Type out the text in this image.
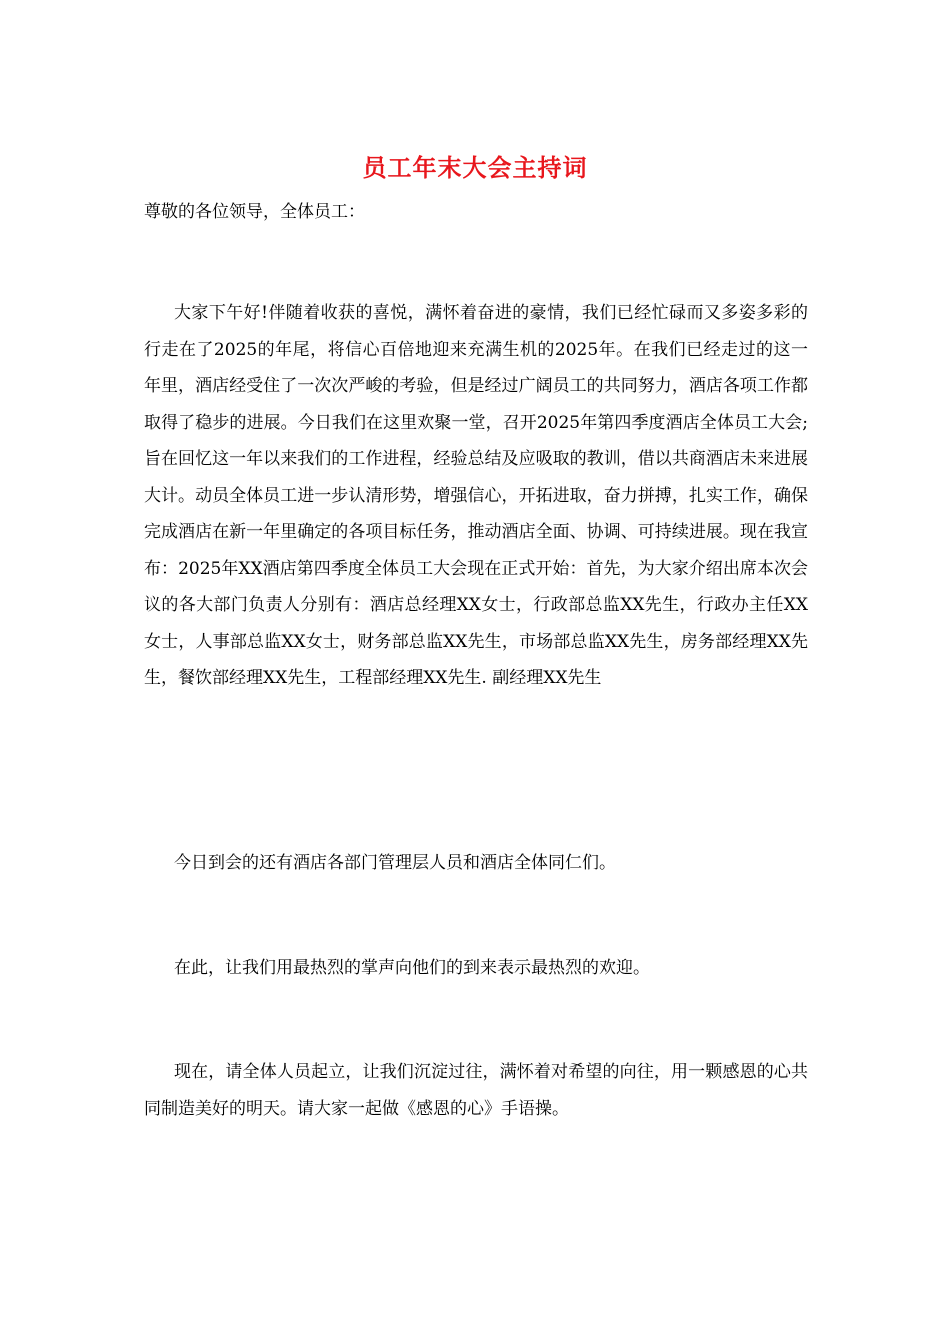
员工年末大会主持词
尊敬的各位领导，全体员工：
大家下午好!伴随着收获的喜悦，满怀着奋进的豪情，我们已经忙碌而又多姿多彩的行走在了2025的年尾，将信心百倍地迎来充满生机的2025年。在我们已经走过的这一年里，酒店经受住了一次次严峻的考验，但是经过广阔员工的共同努力，酒店各项工作都取得了稳步的进展。今日我们在这里欢聚一堂，召开2025年第四季度酒店全体员工大会;旨在回忆这一年以来我们的工作进程，经验总结及应吸取的教训，借以共商酒店未来进展大计。动员全体员工进一步认清形势，增强信心，开拓进取，奋力拼搏，扎实工作，确保完成酒店在新一年里确定的各项目标任务，推动酒店全面、协调、可持续进展。现在我宣布：2025年XX酒店第四季度全体员工大会现在正式开始：首先，为大家介绍出席本次会议的各大部门负责人分别有：酒店总经理XX女士，行政部总监XX先生，行政办主任XX女士，人事部总监XX女士，财务部总监XX先生，市场部总监XX先生，房务部经理XX先生，餐饮部经理XX先生，工程部经理XX先生. 副经理XX先生
今日到会的还有酒店各部门管理层人员和酒店全体同仁们。
在此，让我们用最热烈的掌声向他们的到来表示最热烈的欢迎。
现在，请全体人员起立，让我们沉淀过往，满怀着对希望的向往，用一颗感恩的心共同制造美好的明天。请大家一起做《感恩的心》手语操。
